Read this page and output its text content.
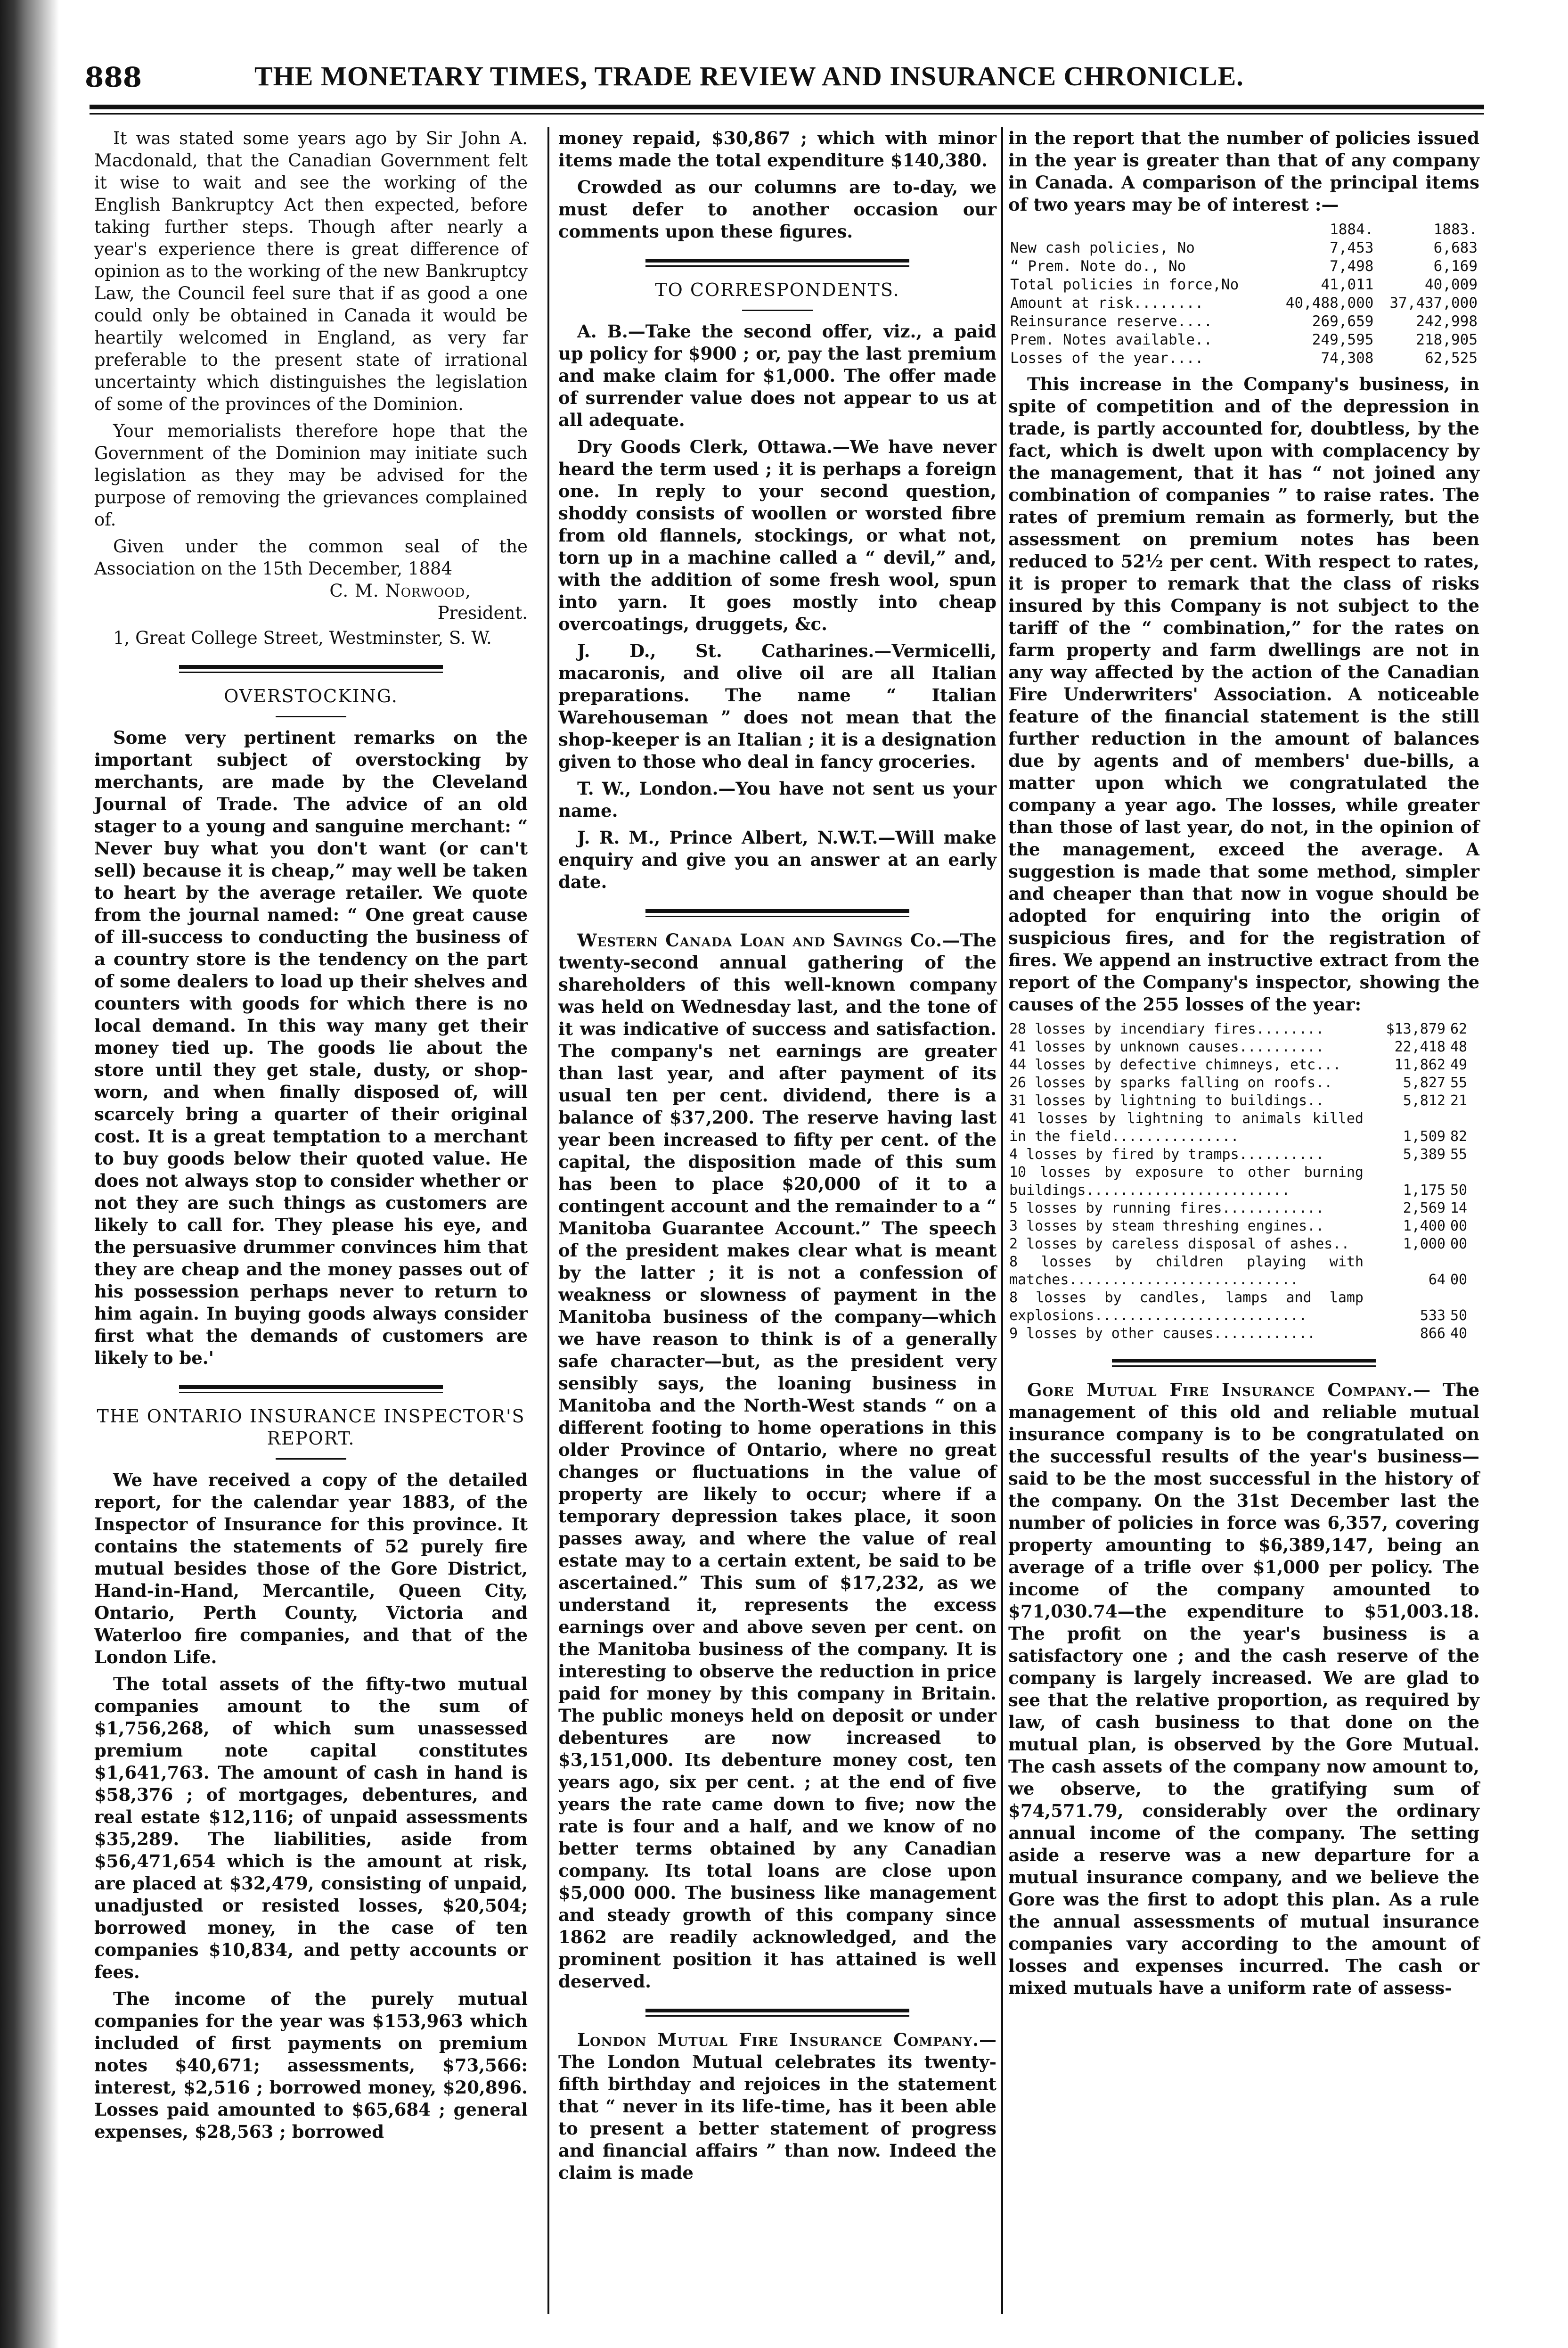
888	THE MONETARY TIMES, TRADE REVIEW AND INSURANCE CHRONICLE.

It was stated some years ago by Sir John A. Macdonald, that the Canadian Government felt it wise to wait and see the working of the English Bankruptcy Act then expected, before taking further steps. Though after nearly a year's experience there is great difference of opinion as to the working of the new Bankruptcy Law, the Council feel sure that if as good a one could only be obtained in Canada it would be heartily welcomed in England, as very far preferable to the present state of irrational uncertainty which distinguishes the legislation of some of the provinces of the Dominion.

Your memorialists therefore hope that the Government of the Dominion may initiate such legislation as they may be advised for the purpose of removing the grievances complained of.

Given under the common seal of the Association on the 15th December, 1884

C. M. Norwood,
President.

1, Great College Street, Westminster, S. W.

OVERSTOCKING.

Some very pertinent remarks on the important subject of overstocking by merchants, are made by the Cleveland Journal of Trade. The advice of an old stager to a young and sanguine merchant: “ Never buy what you don't want (or can't sell) because it is cheap,” may well be taken to heart by the average retailer. We quote from the journal named: “ One great cause of ill-success to conducting the business of a country store is the tendency on the part of some dealers to load up their shelves and counters with goods for which there is no local demand. In this way many get their money tied up. The goods lie about the store until they get stale, dusty, or shop-worn, and when finally disposed of, will scarcely bring a quarter of their original cost. It is a great temptation to a merchant to buy goods below their quoted value. He does not always stop to consider whether or not they are such things as customers are likely to call for. They please his eye, and the persuasive drummer convinces him that they are cheap and the money passes out of his possession perhaps never to return to him again. In buying goods always consider first what the demands of customers are likely to be.'

THE ONTARIO INSURANCE INSPECTOR'S REPORT.

We have received a copy of the detailed report, for the calendar year 1883, of the Inspector of Insurance for this province. It contains the statements of 52 purely fire mutual besides those of the Gore District, Hand-in-Hand, Mercantile, Queen City, Ontario, Perth County, Victoria and Waterloo fire companies, and that of the London Life.

The total assets of the fifty-two mutual companies amount to the sum of $1,756,268, of which sum unassessed premium note capital constitutes $1,641,763. The amount of cash in hand is $58,376 ; of mortgages, debentures, and real estate $12,116; of unpaid assessments $35,289. The liabilities, aside from $56,471,654 which is the amount at risk, are placed at $32,479, consisting of unpaid, unadjusted or resisted losses, $20,504; borrowed money, in the case of ten companies $10,834, and petty accounts or fees.

The income of the purely mutual companies for the year was $153,963 which included of first payments on premium notes $40,671; assessments, $73,566: interest, $2,516 ; borrowed money, $20,896. Losses paid amounted to $65,684 ; general expenses, $28,563 ; borrowed

money repaid, $30,867 ; which with minor items made the total expenditure $140,380.

Crowded as our columns are to-day, we must defer to another occasion our comments upon these figures.

TO CORRESPONDENTS.

A. B.—Take the second offer, viz., a paid up policy for $900 ; or, pay the last premium and make claim for $1,000. The offer made of surrender value does not appear to us at all adequate.

Dry Goods Clerk, Ottawa.—We have never heard the term used ; it is perhaps a foreign one. In reply to your second question, shoddy consists of woollen or worsted fibre from old flannels, stockings, or what not, torn up in a machine called a “ devil,” and, with the addition of some fresh wool, spun into yarn. It goes mostly into cheap overcoatings, druggets, &c.

J. D., St. Catharines.—Vermicelli, macaronis, and olive oil are all Italian preparations. The name “ Italian Warehouseman ” does not mean that the shop-keeper is an Italian ; it is a designation given to those who deal in fancy groceries.

T. W., London.—You have not sent us your name.

J. R. M., Prince Albert, N.W.T.—Will make enquiry and give you an answer at an early date.

Western Canada Loan and Savings Co.—The twenty-second annual gathering of the shareholders of this well-known company was held on Wednesday last, and the tone of it was indicative of success and satisfaction. The company's net earnings are greater than last year, and after payment of its usual ten per cent. dividend, there is a balance of $37,200. The reserve having last year been increased to fifty per cent. of the capital, the disposition made of this sum has been to place $20,000 of it to a contingent account and the remainder to a “ Manitoba Guarantee Account.” The speech of the president makes clear what is meant by the latter ; it is not a confession of weakness or slowness of payment in the Manitoba business of the company—which we have reason to think is of a generally safe character—but, as the president very sensibly says, the loaning business in Manitoba and the North-West stands “ on a different footing to home operations in this older Province of Ontario, where no great changes or fluctuations in the value of property are likely to occur; where if a temporary depression takes place, it soon passes away, and where the value of real estate may to a certain extent, be said to be ascertained.” This sum of $17,232, as we understand it, represents the excess earnings over and above seven per cent. on the Manitoba business of the company. It is interesting to observe the reduction in price paid for money by this company in Britain. The public moneys held on deposit or under debentures are now increased to $3,151,000. Its debenture money cost, ten years ago, six per cent. ; at the end of five years the rate came down to five; now the rate is four and a half, and we know of no better terms obtained by any Canadian company. Its total loans are close upon $5,000 000. The business like management and steady growth of this company since 1862 are readily acknowledged, and the prominent position it has attained is well deserved.

London Mutual Fire Insurance Company.— The London Mutual celebrates its twenty-fifth birthday and rejoices in the statement that “ never in its life-time, has it been able to present a better statement of progress and financial affairs ” than now. Indeed the claim is made

in the report that the number of policies issued in the year is greater than that of any company in Canada. A comparison of the principal items of two years may be of interest :—

	1884.	1883.
New cash policies, No	7,453	6,683
“ Prem. Note do., No	7,498	6,169
Total policies in force,No	41,011	40,009
Amount at risk........	40,488,000	37,437,000
Reinsurance reserve....	269,659	242,998
Prem. Notes available..	249,595	218,905
Losses of the year....	74,308	62,525

This increase in the Company's business, in spite of competition and of the depression in trade, is partly accounted for, doubtless, by the fact, which is dwelt upon with complacency by the management, that it has “ not joined any combination of companies ” to raise rates. The rates of premium remain as formerly, but the assessment on premium notes has been reduced to 52½ per cent. With respect to rates, it is proper to remark that the class of risks insured by this Company is not subject to the tariff of the “ combination,” for the rates on farm property and farm dwellings are not in any way affected by the action of the Canadian Fire Underwriters' Association. A noticeable feature of the financial statement is the still further reduction in the amount of balances due by agents and of members' due-bills, a matter upon which we congratulated the company a year ago. The losses, while greater than those of last year, do not, in the opinion of the management, exceed the average. A suggestion is made that some method, simpler and cheaper than that now in vogue should be adopted for enquiring into the origin of suspicious fires, and for the registration of fires. We append an instructive extract from the report of the Company's inspector, showing the causes of the 255 losses of the year:

28 losses by incendiary fires........	$13,879	62
41 losses by unknown causes..........	22,418	48
44 losses by defective chimneys, etc...	11,862	49
26 losses by sparks falling on roofs..	5,827	55
31 losses by lightning to buildings..	5,812	21
41 losses by lightning to animals killed in the field...............	1,509	82
4 losses by fired by tramps..........	5,389	55
10 losses by exposure to other burning buildings........................	1,175	50
5 losses by running fires............	2,569	14
3 losses by steam threshing engines..	1,400	00
2 losses by careless disposal of ashes..	1,000	00
8 losses by children playing with matches...........................	64	00
8 losses by candles, lamps and lamp explosions.........................	533	50
9 losses by other causes............	866	40

Gore Mutual Fire Insurance Company.— The management of this old and reliable mutual insurance company is to be congratulated on the successful results of the year's business—said to be the most successful in the history of the company. On the 31st December last the number of policies in force was 6,357, covering property amounting to $6,389,147, being an average of a trifle over $1,000 per policy. The income of the company amounted to $71,030.74—the expenditure to $51,003.18. The profit on the year's business is a satisfactory one ; and the cash reserve of the company is largely increased. We are glad to see that the relative proportion, as required by law, of cash business to that done on the mutual plan, is observed by the Gore Mutual. The cash assets of the company now amount to, we observe, to the gratifying sum of $74,571.79, considerably over the ordinary annual income of the company. The setting aside a reserve was a new departure for a mutual insurance company, and we believe the Gore was the first to adopt this plan. As a rule the annual assessments of mutual insurance companies vary according to the amount of losses and expenses incurred. The cash or mixed mutuals have a uniform rate of assess-
